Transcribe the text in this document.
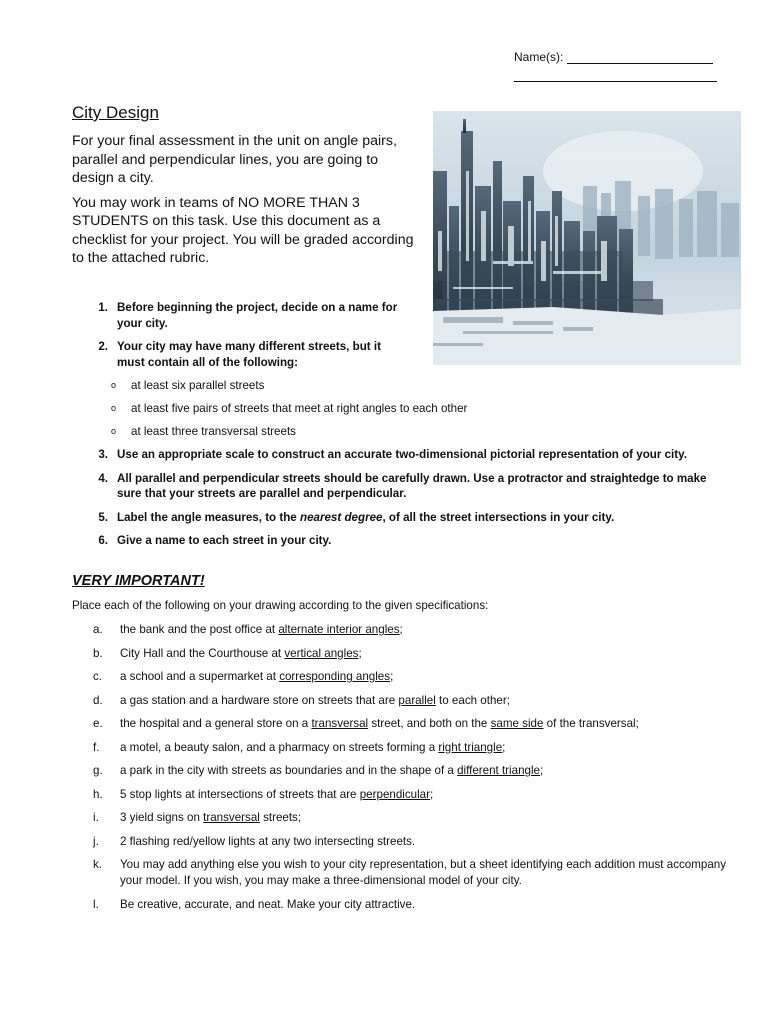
Name(s):
City Design

For your final assessment in the unit on angle pairs, parallel and perpendicular lines, you are going to design a city.

You may work in teams of NO MORE THAN 3 STUDENTS on this task. Use this document as a checklist for your project. You will be graded according to the attached rubric.

1. Before beginning the project, decide on a name for your city.
2. Your city may have many different streets, but it must contain all of the following:
o at least six parallel streets
o at least five pairs of streets that meet at right angles to each other
o at least three transversal streets
3. Use an appropriate scale to construct an accurate two-dimensional pictorial representation of your city.
4. All parallel and perpendicular streets should be carefully drawn. Use a protractor and straightedge to make sure that your streets are parallel and perpendicular.
5. Label the angle measures, to the nearest degree, of all the street intersections in your city.
6. Give a name to each street in your city.
VERY IMPORTANT!
Place each of the following on your drawing according to the given specifications:
a. the bank and the post office at alternate interior angles;
b. City Hall and the Courthouse at vertical angles;
c. a school and a supermarket at corresponding angles;
d. a gas station and a hardware store on streets that are parallel to each other;
e. the hospital and a general store on a transversal street, and both on the same side of the transversal;
f. a motel, a beauty salon, and a pharmacy on streets forming a right triangle;
g. a park in the city with streets as boundaries and in the shape of a different triangle;
h. 5 stop lights at intersections of streets that are perpendicular;
i. 3 yield signs on transversal streets;
j. 2 flashing red/yellow lights at any two intersecting streets.
k. You may add anything else you wish to your city representation, but a sheet identifying each addition must accompany your model. If you wish, you may make a three-dimensional model of your city.
l. Be creative, accurate, and neat. Make your city attractive.
